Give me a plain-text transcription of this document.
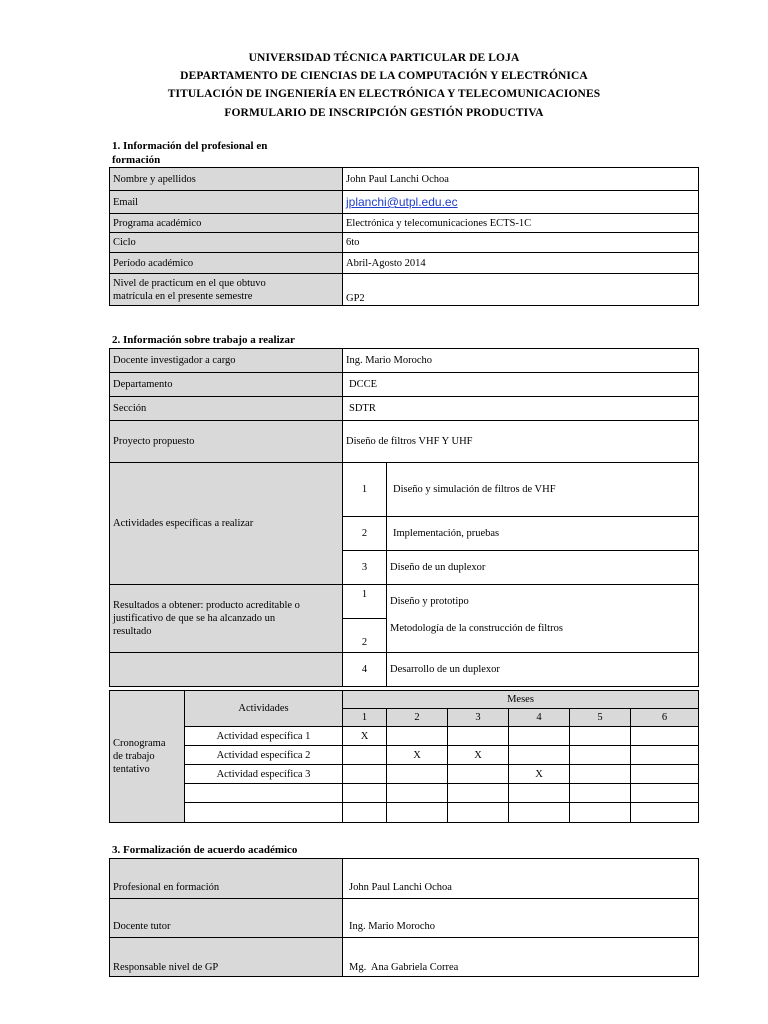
UNIVERSIDAD TÉCNICA PARTICULAR DE LOJA
DEPARTAMENTO DE CIENCIAS DE LA COMPUTACIÓN Y ELECTRÓNICA
TITULACIÓN DE INGENIERÍA EN ELECTRÓNICA Y TELECOMUNICACIONES
FORMULARIO DE INSCRIPCIÓN GESTIÓN PRODUCTIVA
1. Información del profesional en
formación
Nombre y apellidos	John Paul Lanchi Ochoa
Email	jplanchi@utpl.edu.ec
Programa académico	Electrónica y telecomunicaciones ECTS-1C
Ciclo	6to
Período académico	Abril-Agosto 2014

Nivel de practicum en el que obtuvo
matrícula en el presente semestre	GP2
2. Información sobre trabajo a realizar
Docente investigador a cargo	Ing. Mario Morocho	
Departamento	DCCE	
Sección	SDTR	
Proyecto propuesto	Diseño de filtros VHF Y UHF	
Actividades específicas a realizar	1	Diseño y simulación de filtros de VHF
	2	Implementación, pruebas
	3	Diseño de un duplexor

Resultados a obtener: producto acreditable o
justificativo de que se ha alcanzado un
resultado	1	Diseño y prototipo
	2	Metodología de la construcción de filtros
	4	Desarrollo de un duplexor
Cronograma
de trabajo
tentativo	Actividades	Meses					
		1	2	3	4	5	6
	Actividad específica 1	X					
	Actividad específica 2		X	X			
	Actividad específica 3				X		

3. Formalización de acuerdo académico
Profesional en formación	John Paul Lanchi Ochoa
Docente tutor	Ing. Mario Morocho
Responsable nivel de GP	Mg.  Ana Gabriela Correa
